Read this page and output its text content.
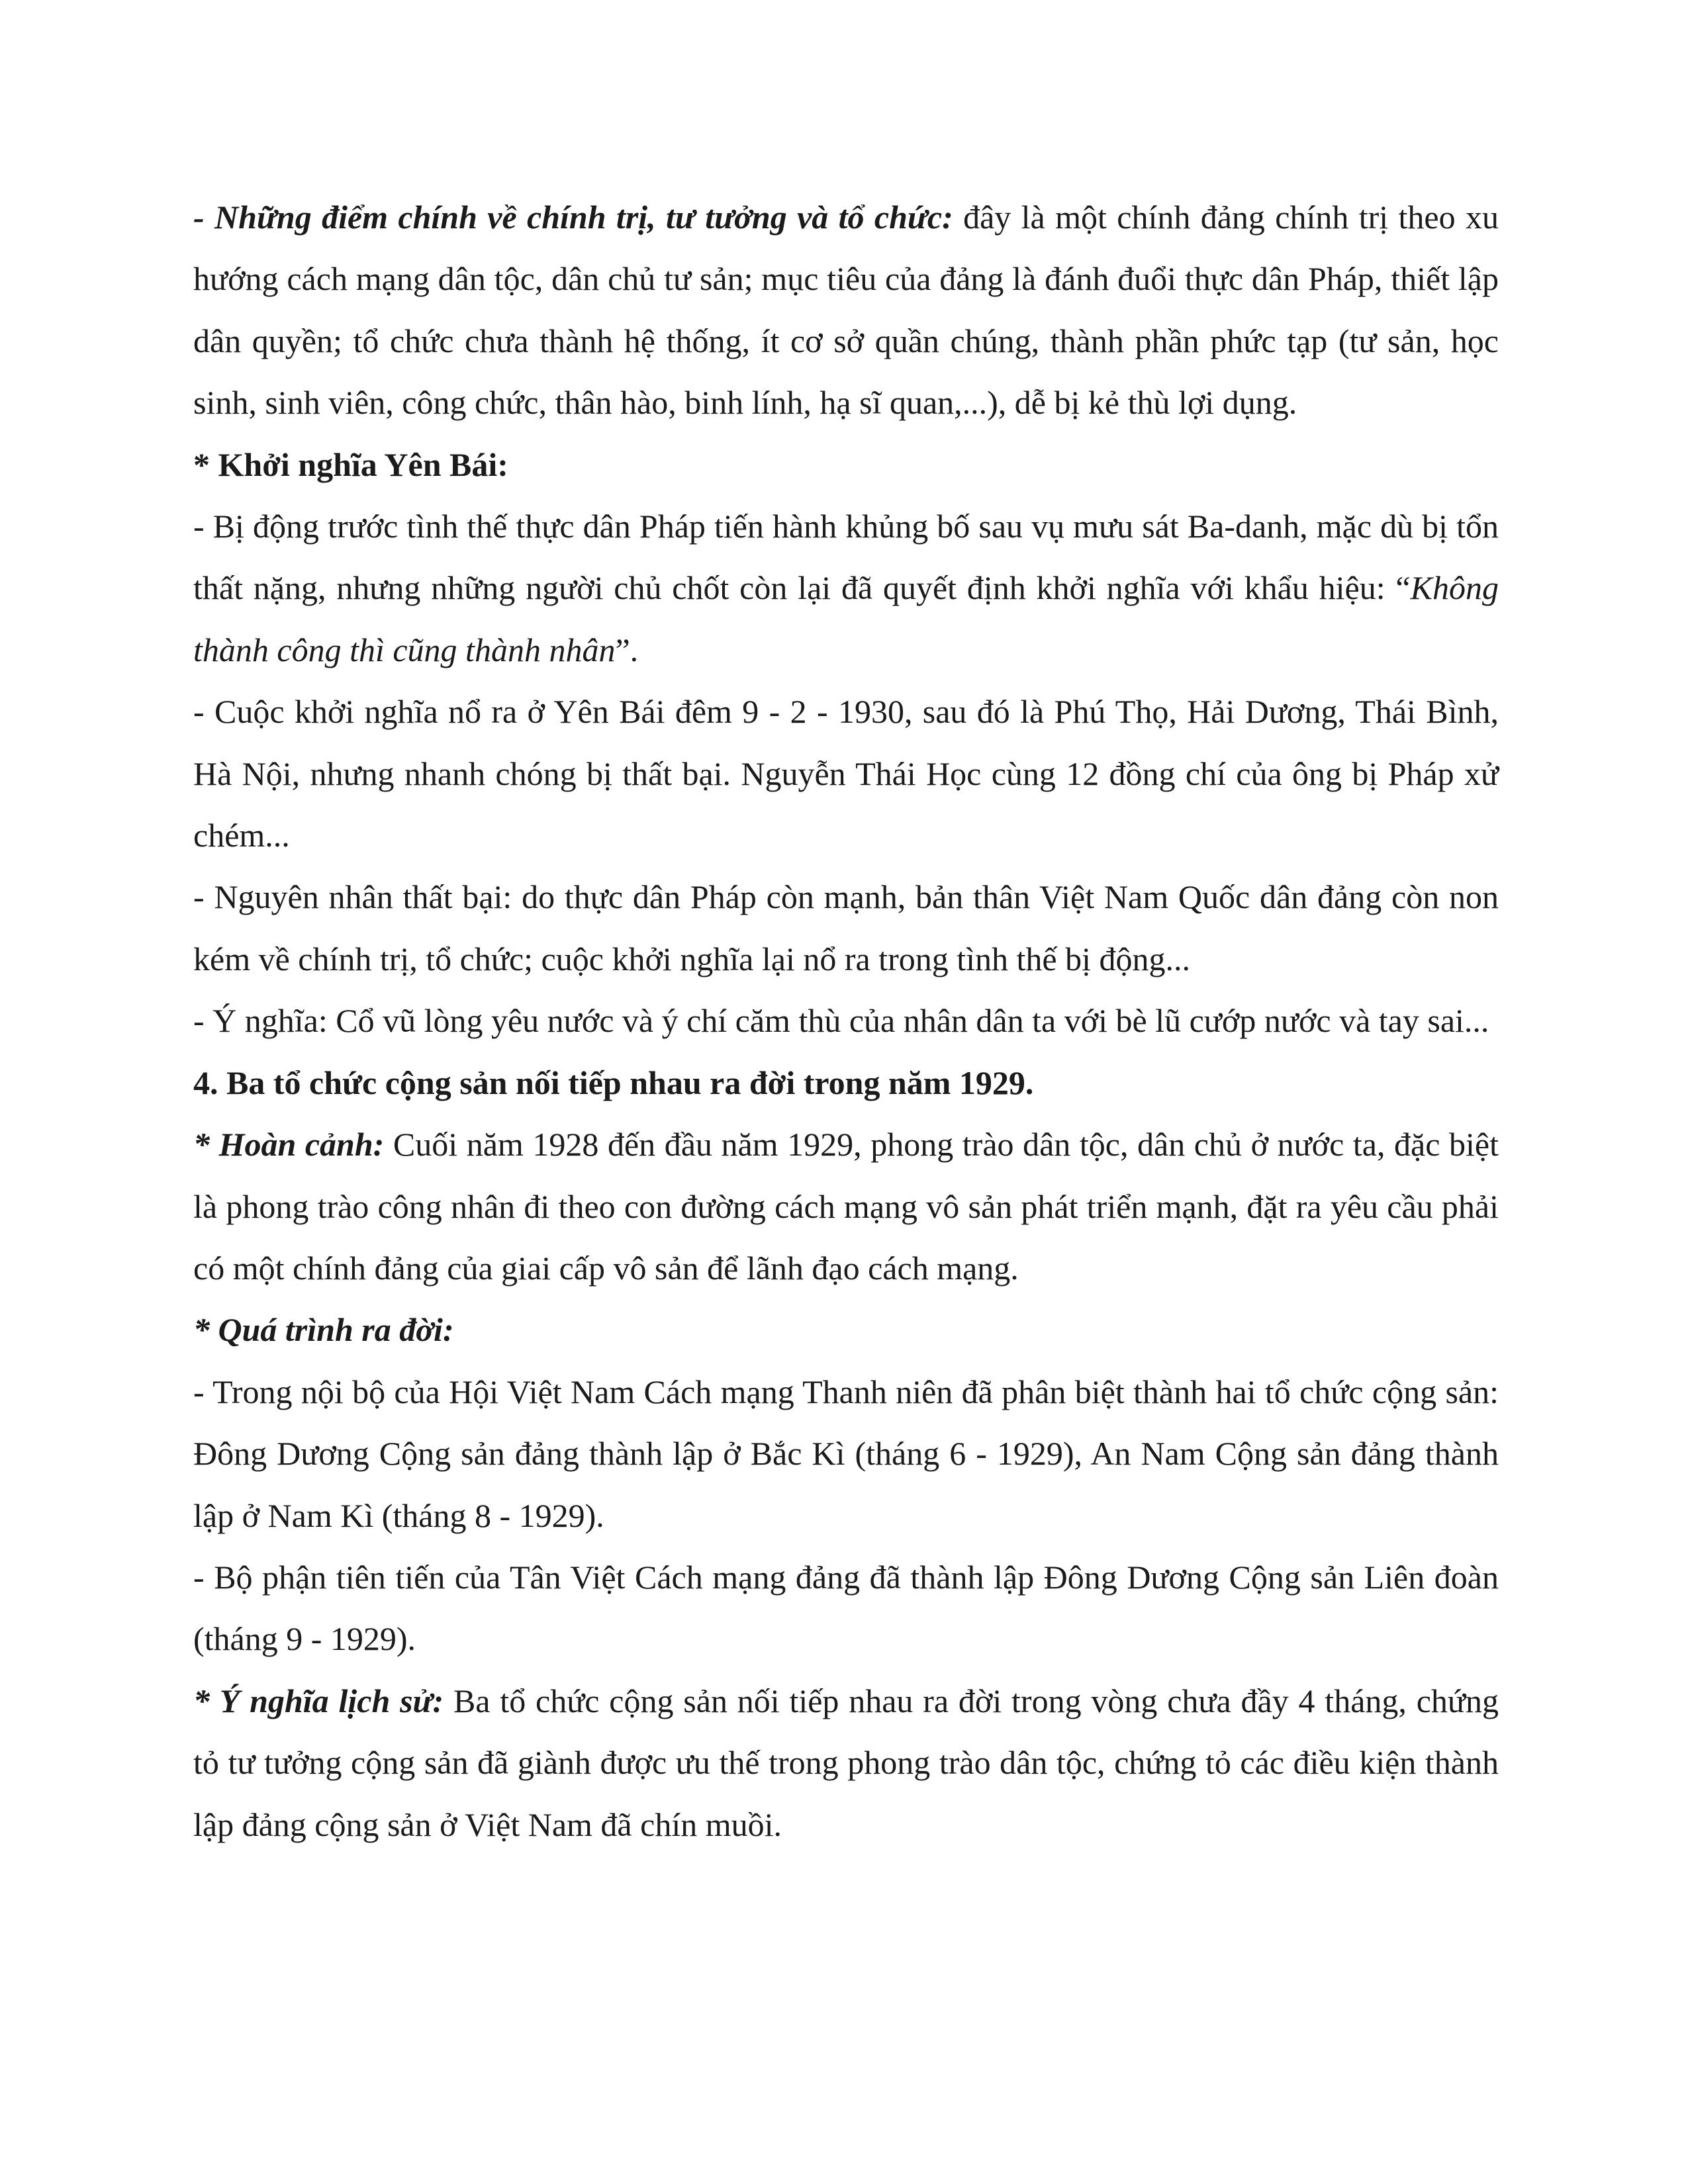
- Những điểm chính về chính trị, tư tưởng và tổ chức: đây là một chính đảng chính trị theo xu hướng cách mạng dân tộc, dân chủ tư sản; mục tiêu của đảng là đánh đuổi thực dân Pháp, thiết lập dân quyền; tổ chức chưa thành hệ thống, ít cơ sở quần chúng, thành phần phức tạp (tư sản, học sinh, sinh viên, công chức, thân hào, binh lính, hạ sĩ quan,...), dễ bị kẻ thù lợi dụng.

* Khởi nghĩa Yên Bái:

- Bị động trước tình thế thực dân Pháp tiến hành khủng bố sau vụ mưu sát Ba-danh, mặc dù bị tổn thất nặng, nhưng những người chủ chốt còn lại đã quyết định khởi nghĩa với khẩu hiệu: “Không thành công thì cũng thành nhân”.

- Cuộc khởi nghĩa nổ ra ở Yên Bái đêm 9 - 2 - 1930, sau đó là Phú Thọ, Hải Dương, Thái Bình, Hà Nội, nhưng nhanh chóng bị thất bại. Nguyễn Thái Học cùng 12 đồng chí của ông bị Pháp xử chém...

- Nguyên nhân thất bại: do thực dân Pháp còn mạnh, bản thân Việt Nam Quốc dân đảng còn non kém về chính trị, tổ chức; cuộc khởi nghĩa lại nổ ra trong tình thế bị động...

- Ý nghĩa: Cổ vũ lòng yêu nước và ý chí căm thù của nhân dân ta với bè lũ cướp nước và tay sai...

4. Ba tổ chức cộng sản nối tiếp nhau ra đời trong năm 1929.

* Hoàn cảnh: Cuối năm 1928 đến đầu năm 1929, phong trào dân tộc, dân chủ ở nước ta, đặc biệt là phong trào công nhân đi theo con đường cách mạng vô sản phát triển mạnh, đặt ra yêu cầu phải có một chính đảng của giai cấp vô sản để lãnh đạo cách mạng.

* Quá trình ra đời:

- Trong nội bộ của Hội Việt Nam Cách mạng Thanh niên đã phân biệt thành hai tổ chức cộng sản: Đông Dương Cộng sản đảng thành lập ở Bắc Kì (tháng 6 - 1929), An Nam Cộng sản đảng thành lập ở Nam Kì (tháng 8 - 1929).

- Bộ phận tiên tiến của Tân Việt Cách mạng đảng đã thành lập Đông Dương Cộng sản Liên đoàn (tháng 9 - 1929).

* Ý nghĩa lịch sử: Ba tổ chức cộng sản nối tiếp nhau ra đời trong vòng chưa đầy 4 tháng, chứng tỏ tư tưởng cộng sản đã giành được ưu thế trong phong trào dân tộc, chứng tỏ các điều kiện thành lập đảng cộng sản ở Việt Nam đã chín muồi.
